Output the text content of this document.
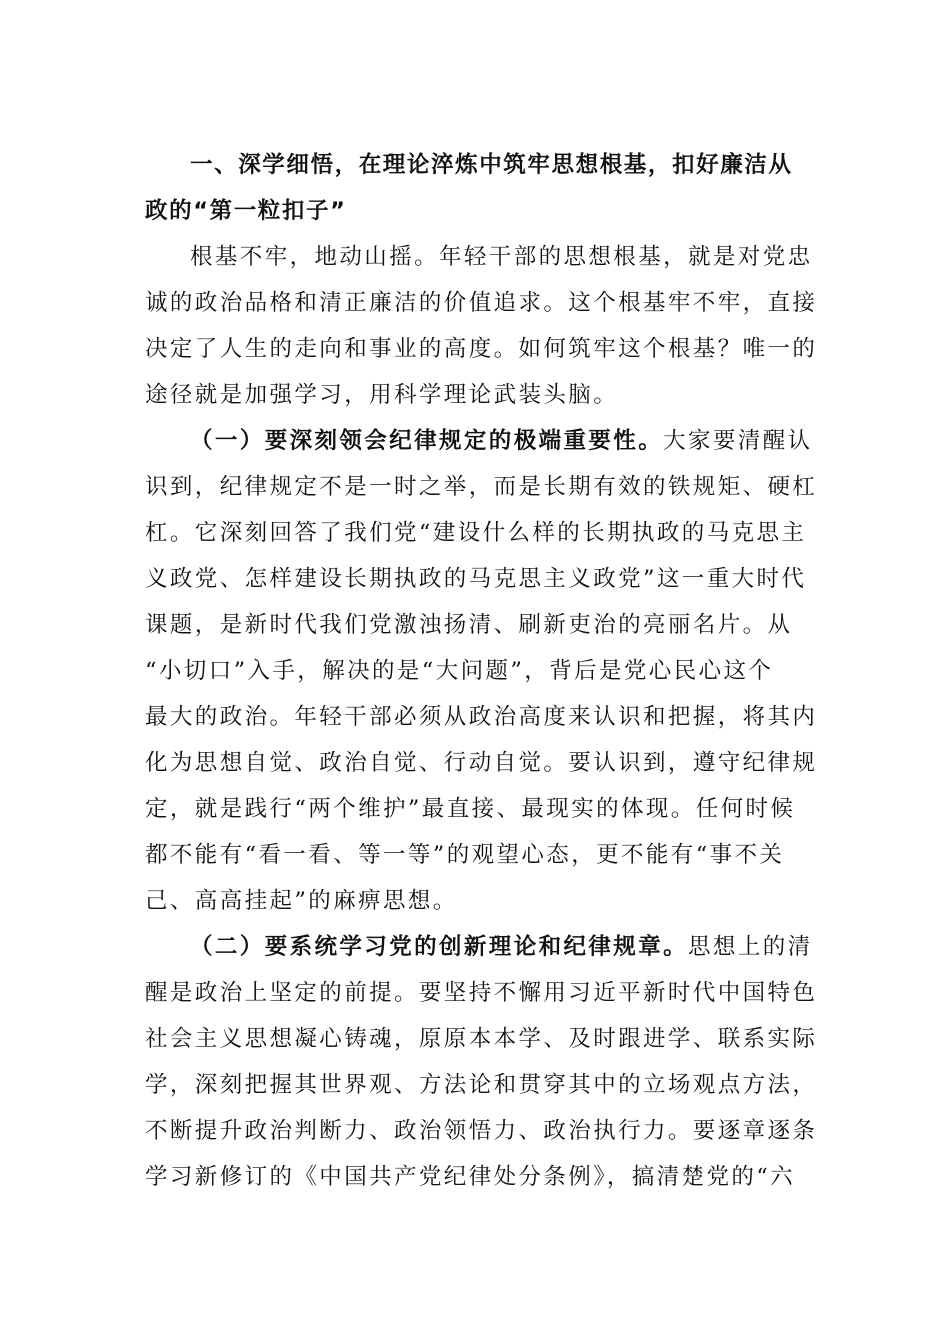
一、深学细悟，在理论淬炼中筑牢思想根基，扣好廉洁从
政的“第一粒扣子”
根基不牢，地动山摇。年轻干部的思想根基，就是对党忠
诚的政治品格和清正廉洁的价值追求。这个根基牢不牢，直接
决定了人生的走向和事业的高度。如何筑牢这个根基？唯一的
途径就是加强学习，用科学理论武装头脑。
（一）要深刻领会纪律规定的极端重要性。大家要清醒认
识到，纪律规定不是一时之举，而是长期有效的铁规矩、硬杠
杠。它深刻回答了我们党“建设什么样的长期执政的马克思主
义政党、怎样建设长期执政的马克思主义政党”这一重大时代
课题，是新时代我们党激浊扬清、刷新吏治的亮丽名片。从
“小切口”入手，解决的是“大问题”，背后是党心民心这个
最大的政治。年轻干部必须从政治高度来认识和把握，将其内
化为思想自觉、政治自觉、行动自觉。要认识到，遵守纪律规
定，就是践行“两个维护”最直接、最现实的体现。任何时候
都不能有“看一看、等一等”的观望心态，更不能有“事不关
己、高高挂起”的麻痹思想。
（二）要系统学习党的创新理论和纪律规章。思想上的清
醒是政治上坚定的前提。要坚持不懈用习近平新时代中国特色
社会主义思想凝心铸魂，原原本本学、及时跟进学、联系实际
学，深刻把握其世界观、方法论和贯穿其中的立场观点方法，
不断提升政治判断力、政治领悟力、政治执行力。要逐章逐条
学习新修订的《中国共产党纪律处分条例》，搞清楚党的“六
